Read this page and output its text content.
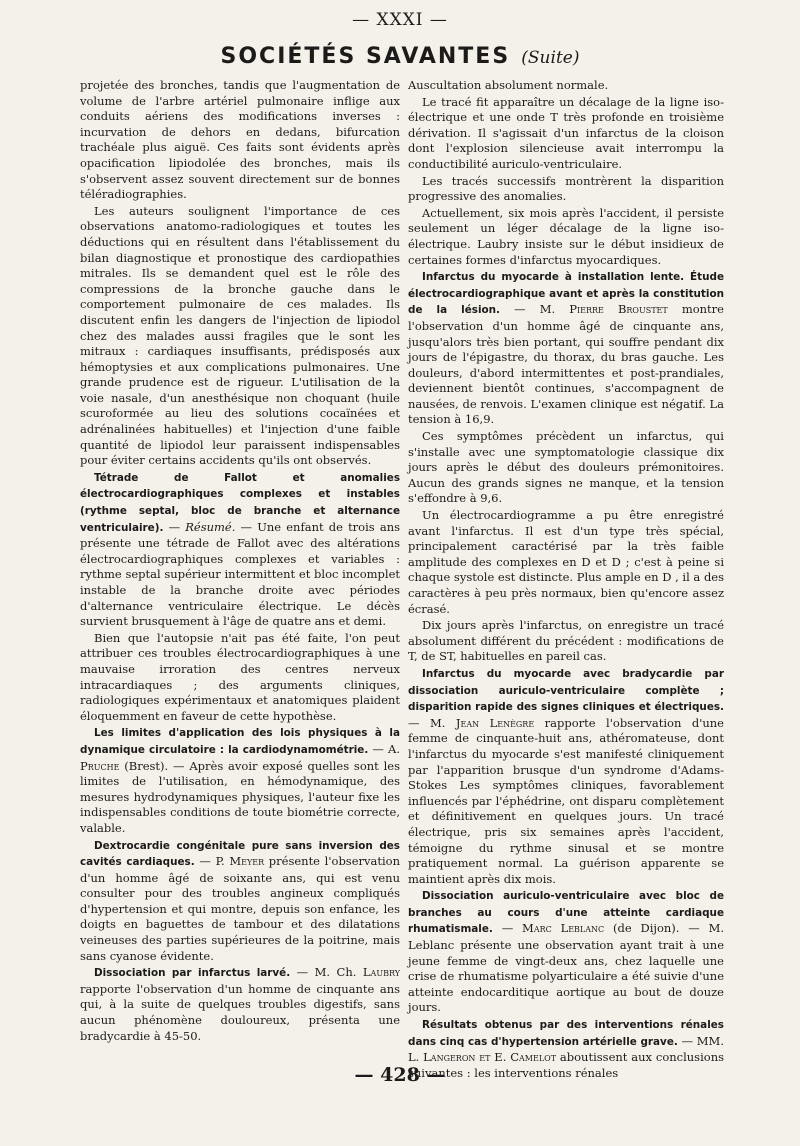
— XXXI —
SOCIÉTÉS SAVANTES (Suite)

projetée des bronches, tandis que l'augmentation de volume de l'arbre artériel pulmonaire inflige aux conduits aériens des modifications inverses : incurvation de dehors en dedans, bifurcation trachéale plus aiguë. Ces faits sont évidents après opacification lipiodolée des bronches, mais ils s'observent assez souvent directement sur de bonnes téléradiographies.

Les auteurs soulignent l'importance de ces observations anatomo-radiologiques et toutes les déductions qui en résultent dans l'établissement du bilan diagnostique et pronostique des cardiopathies mitrales. Ils se demandent quel est le rôle des compressions de la bronche gauche dans le comportement pulmonaire de ces malades. Ils discutent enfin les dangers de l'injection de lipiodol chez des malades aussi fragiles que le sont les mitraux : cardiaques insuffisants, prédisposés aux hémoptysies et aux complications pulmonaires. Une grande prudence est de rigueur. L'utilisation de la voie nasale, d'un anesthésique non choquant (huile scuroformée au lieu des solutions cocaïnées et adrénalinées habituelles) et l'injection d'une faible quantité de lipiodol leur paraissent indispensables pour éviter certains accidents qu'ils ont observés.

Tétrade de Fallot et anomalies électrocardiographiques complexes et instables (rythme septal, bloc de branche et alternance ventriculaire). — Résumé. — Une enfant de trois ans présente une tétrade de Fallot avec des altérations électrocardiographiques complexes et variables : rythme septal supérieur intermittent et bloc incomplet instable de la branche droite avec périodes d'alternance ventriculaire électrique. Le décès survient brusquement à l'âge de quatre ans et demi.

Bien que l'autopsie n'ait pas été faite, l'on peut attribuer ces troubles électrocardiographiques à une mauvaise irroration des centres nerveux intracardiaques ; des arguments cliniques, radiologiques expérimentaux et anatomiques plaident éloquemment en faveur de cette hypothèse.

Les limites d'application des lois physiques à la dynamique circulatoire : la cardiodynamométrie. — A. Pruche (Brest). — Après avoir exposé quelles sont les limites de l'utilisation, en hémodynamique, des mesures hydrodynamiques physiques, l'auteur fixe les indispensables conditions de toute biométrie correcte, valable.

Dextrocardie congénitale pure sans inversion des cavités cardiaques. — P. Meyer présente l'observation d'un homme âgé de soixante ans, qui est venu consulter pour des troubles angineux compliqués d'hypertension et qui montre, depuis son enfance, les doigts en baguettes de tambour et des dilatations veineuses des parties supérieures de la poitrine, mais sans cyanose évidente.

Dissociation par infarctus larvé. — M. Ch. Laubry rapporte l'observation d'un homme de cinquante ans qui, à la suite de quelques troubles digestifs, sans aucun phénomène douloureux, présenta une bradycardie à 45-50.

Auscultation absolument normale.

Le tracé fit apparaître un décalage de la ligne iso-électrique et une onde T très profonde en troisième dérivation. Il s'agissait d'un infarctus de la cloison dont l'explosion silencieuse avait interrompu la conductibilité auriculo-ventriculaire.

Les tracés successifs montrèrent la disparition progressive des anomalies.

Actuellement, six mois après l'accident, il persiste seulement un léger décalage de la ligne iso-électrique. Laubry insiste sur le début insidieux de certaines formes d'infarctus myocardiques.

Infarctus du myocarde à installation lente. Étude électrocardiographique avant et après la constitution de la lésion. — M. Pierre Broustet montre l'observation d'un homme âgé de cinquante ans, jusqu'alors très bien portant, qui souffre pendant dix jours de l'épigastre, du thorax, du bras gauche. Les douleurs, d'abord intermittentes et post-prandiales, deviennent bientôt continues, s'accompagnent de nausées, de renvois. L'examen clinique est négatif. La tension à 16,9.

Ces symptômes précèdent un infarctus, qui s'installe avec une symptomatologie classique dix jours après le début des douleurs prémonitoires. Aucun des grands signes ne manque, et la tension s'effondre à 9,6.

Un électrocardiogramme a pu être enregistré avant l'infarctus. Il est d'un type très spécial, principalement caractérisé par la très faible amplitude des complexes en D et D ; c'est à peine si chaque systole est distincte. Plus ample en D , il a des caractères à peu près normaux, bien qu'encore assez écrasé.

Dix jours après l'infarctus, on enregistre un tracé absolument différent du précédent : modifications de T, de ST, habituelles en pareil cas.

Infarctus du myocarde avec bradycardie par dissociation auriculo-ventriculaire complète ; disparition rapide des signes cliniques et électriques. — M. Jean Lenègre rapporte l'observation d'une femme de cinquante-huit ans, athéromateuse, dont l'infarctus du myocarde s'est manifesté cliniquement par l'apparition brusque d'un syndrome d'Adams-Stokes Les symptômes cliniques, favorablement influencés par l'éphédrine, ont disparu complètement et définitivement en quelques jours. Un tracé électrique, pris six semaines après l'accident, témoigne du rythme sinusal et se montre pratiquement normal. La guérison apparente se maintient après dix mois.

Dissociation auriculo-ventriculaire avec bloc de branches au cours d'une atteinte cardiaque rhumatismale. — Marc Leblanc (de Dijon). — M. Leblanc présente une observation ayant trait à une jeune femme de vingt-deux ans, chez laquelle une crise de rhumatisme polyarticulaire a été suivie d'une atteinte endocarditique aortique au bout de douze jours.

Résultats obtenus par des interventions rénales dans cinq cas d'hypertension artérielle grave. — MM. L. Langeron et E. Camelot aboutissent aux conclusions suivantes : les interventions rénales

— 428 —
